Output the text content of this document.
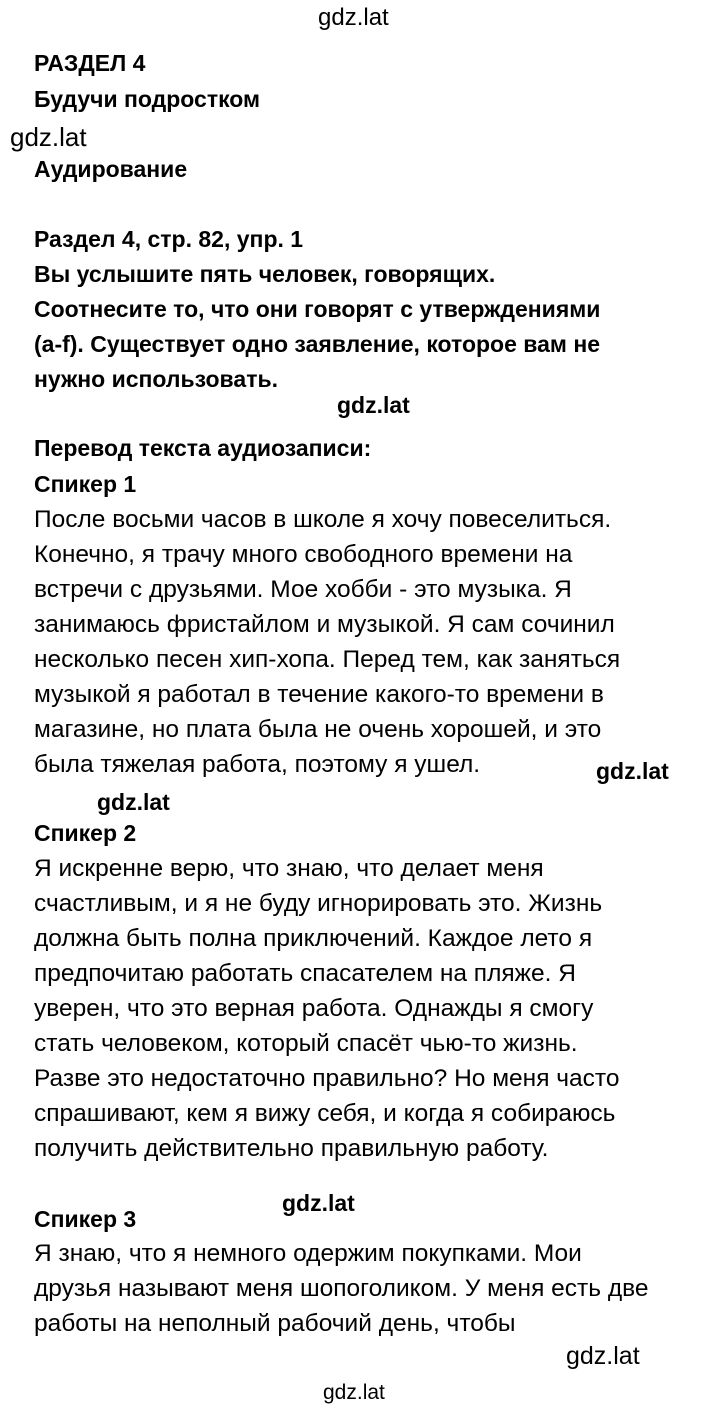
gdz.lat
gdz.lat
gdz.lat
gdz.lat
gdz.lat
gdz.lat
gdz.lat
gdz.lat
РАЗДЕЛ 4
Будучи подростком
Аудирование
Раздел 4, стр. 82, упр. 1
Вы услышите пять человек, говорящих.
Соотнесите то, что они говорят с утверждениями
(a-f). Существует одно заявление, которое вам не
нужно использовать.
Перевод текста аудиозаписи:
Спикер 1
После восьми часов в школе я хочу повеселиться.
Конечно, я трачу много свободного времени на
встречи с друзьями. Мое хобби - это музыка. Я
занимаюсь фристайлом и музыкой. Я сам сочинил
несколько песен хип-хопа. Перед тем, как заняться
музыкой я работал в течение какого-то времени в
магазине, но плата была не очень хорошей, и это
была тяжелая работа, поэтому я ушел.
Спикер 2
Я искренне верю, что знаю, что делает меня
счастливым, и я не буду игнорировать это. Жизнь
должна быть полна приключений. Каждое лето я
предпочитаю работать спасателем на пляже. Я
уверен, что это верная работа. Однажды я смогу
стать человеком, который спасёт чью-то жизнь.
Разве это недостаточно правильно? Но меня часто
спрашивают, кем я вижу себя, и когда я собираюсь
получить действительно правильную работу.
Спикер 3
Я знаю, что я немного одержим покупками. Мои
друзья называют меня шопоголиком. У меня есть две
работы на неполный рабочий день, чтобы
